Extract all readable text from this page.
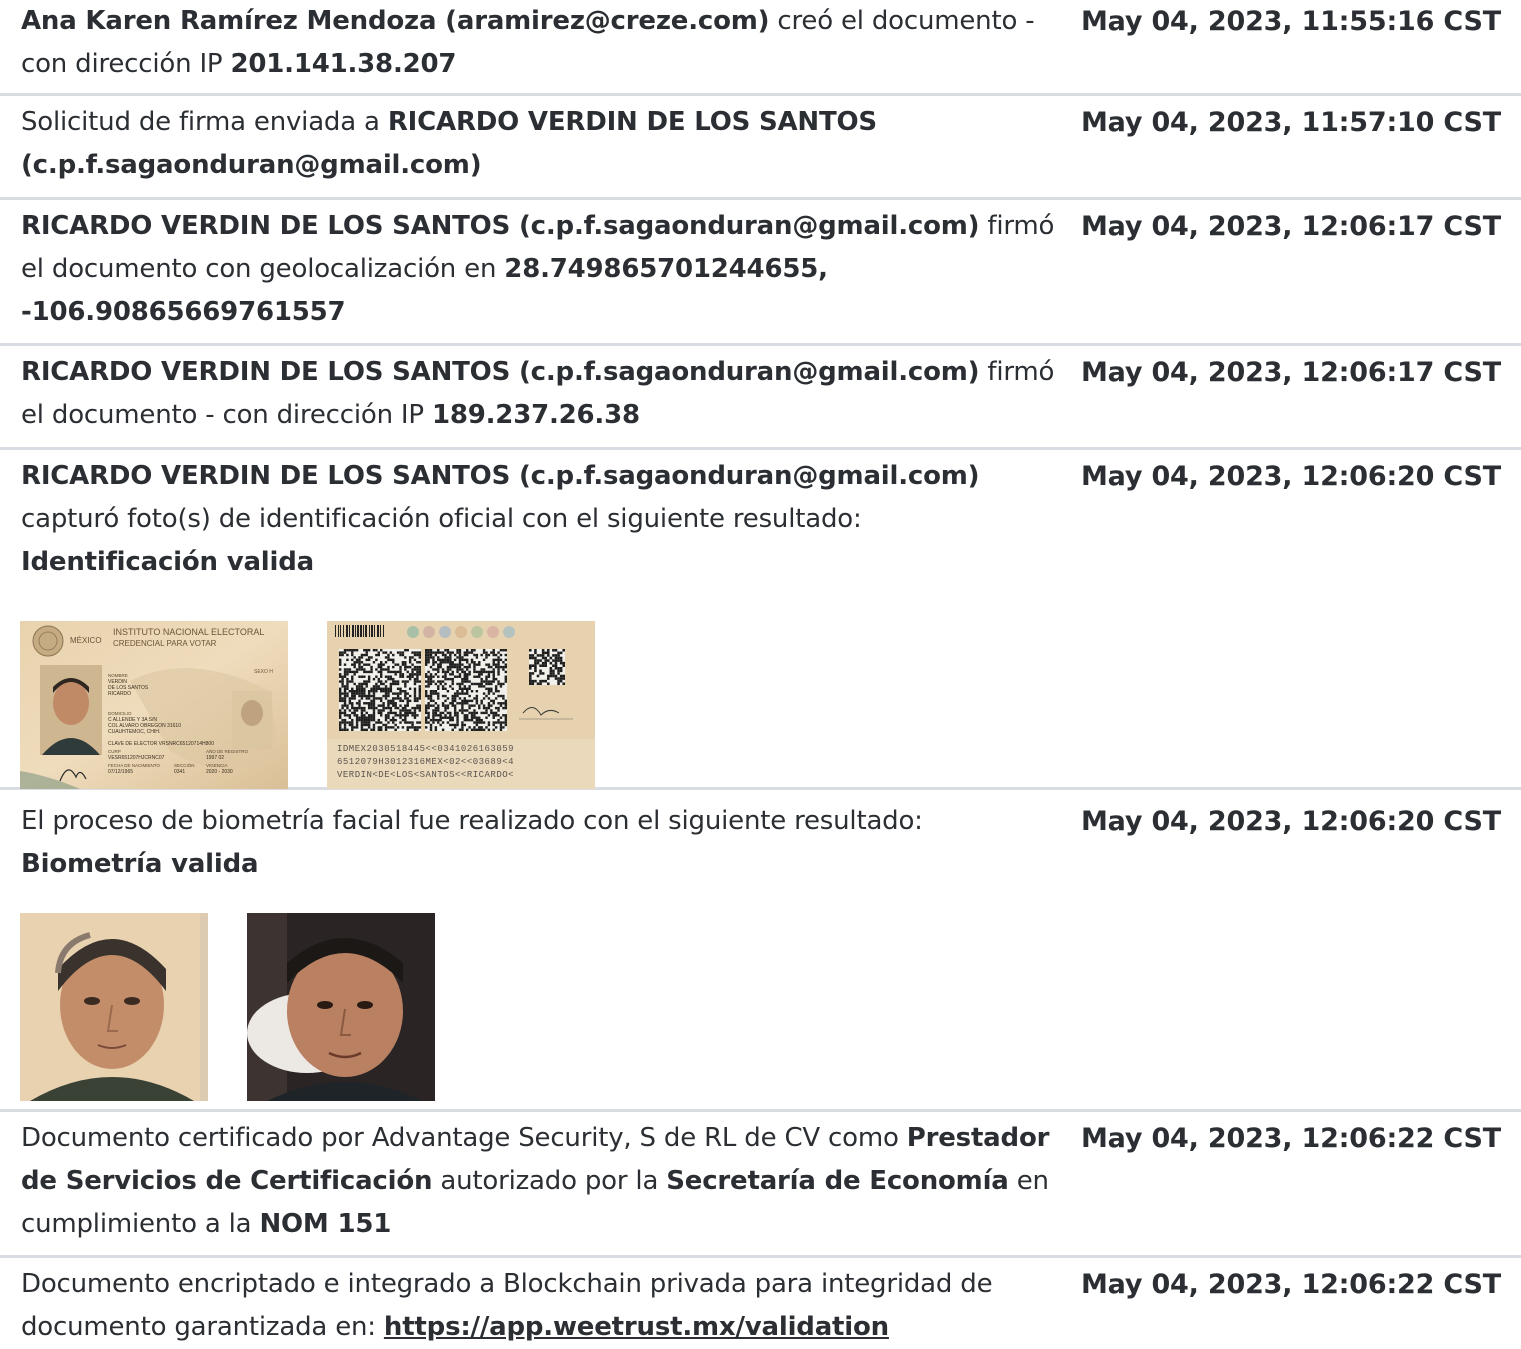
Ana Karen Ramírez Mendoza (aramirez@creze.com) creó el documento - con dirección IP 201.141.38.207
May 04, 2023, 11:55:16 CST
Solicitud de firma enviada a RICARDO VERDIN DE LOS SANTOS (c.p.f.sagaonduran@gmail.com)
May 04, 2023, 11:57:10 CST
RICARDO VERDIN DE LOS SANTOS (c.p.f.sagaonduran@gmail.com) firmó el documento con geolocalización en 28.749865701244655, -106.90865669761557
May 04, 2023, 12:06:17 CST
RICARDO VERDIN DE LOS SANTOS (c.p.f.sagaonduran@gmail.com) firmó el documento - con dirección IP 189.237.26.38
May 04, 2023, 12:06:17 CST
RICARDO VERDIN DE LOS SANTOS (c.p.f.sagaonduran@gmail.com) capturó foto(s) de identificación oficial con el siguiente resultado:
Identificación valida
May 04, 2023, 12:06:20 CST
MÉXICO
INSTITUTO NACIONAL ELECTORAL
CREDENCIAL PARA VOTAR
SEXO H
NOMBRE
VERDIN
DE LOS SANTOS
RICARDO
DOMICILIO
C ALLENDE Y 3A S/N
COL ALVARO OBREGON 31610
CUAUHTEMOC, CHIH.
CLAVE DE ELECTOR VRSNRC65120714H800
CURP
VESR651207HJCRNC07
AÑO DE REGISTRO
1997 02
FECHA DE NACIMIENTO
07/12/1965
SECCIÓN
0341
VIGENCIA
2020 - 2030
IDMEX2030518445<<0341026163059
6512079H3012316MEX<02<<03689<4
VERDIN<DE<LOS<SANTOS<<RICARDO<
El proceso de biometría facial fue realizado con el siguiente resultado:
Biometría valida
May 04, 2023, 12:06:20 CST
Documento certificado por Advantage Security, S de RL de CV como Prestador de Servicios de Certificación autorizado por la Secretaría de Economía en cumplimiento a la NOM 151
May 04, 2023, 12:06:22 CST
Documento encriptado e integrado a Blockchain privada para integridad de documento garantizada en: https://app.weetrust.mx/validation
May 04, 2023, 12:06:22 CST
